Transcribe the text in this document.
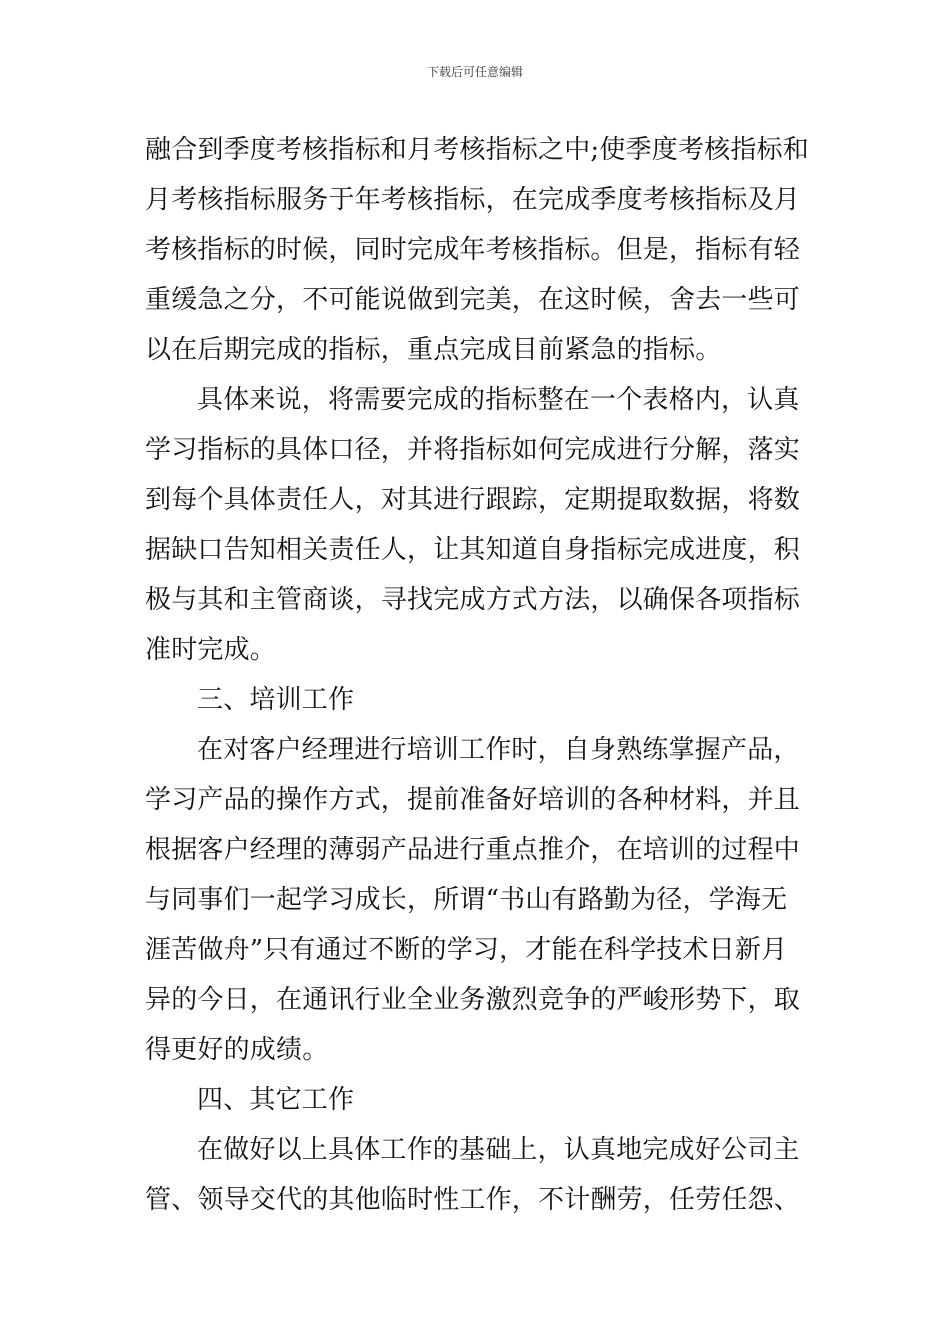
下载后可任意编辑
融合到季度考核指标和月考核指标之中;使季度考核指标和
月考核指标服务于年考核指标，在完成季度考核指标及月
考核指标的时候，同时完成年考核指标。但是，指标有轻
重缓急之分，不可能说做到完美，在这时候，舍去一些可
以在后期完成的指标，重点完成目前紧急的指标。
具体来说，将需要完成的指标整在一个表格内，认真
学习指标的具体口径，并将指标如何完成进行分解，落实
到每个具体责任人，对其进行跟踪，定期提取数据，将数
据缺口告知相关责任人，让其知道自身指标完成进度，积
极与其和主管商谈，寻找完成方式方法，以确保各项指标
准时完成。
三、培训工作
在对客户经理进行培训工作时，自身熟练掌握产品，
学习产品的操作方式，提前准备好培训的各种材料，并且
根据客户经理的薄弱产品进行重点推介，在培训的过程中
与同事们一起学习成长，所谓“书山有路勤为径，学海无
涯苦做舟”只有通过不断的学习，才能在科学技术日新月
异的今日，在通讯行业全业务激烈竞争的严峻形势下，取
得更好的成绩。
四、其它工作
在做好以上具体工作的基础上，认真地完成好公司主
管、领导交代的其他临时性工作，不计酬劳，任劳任怨、
